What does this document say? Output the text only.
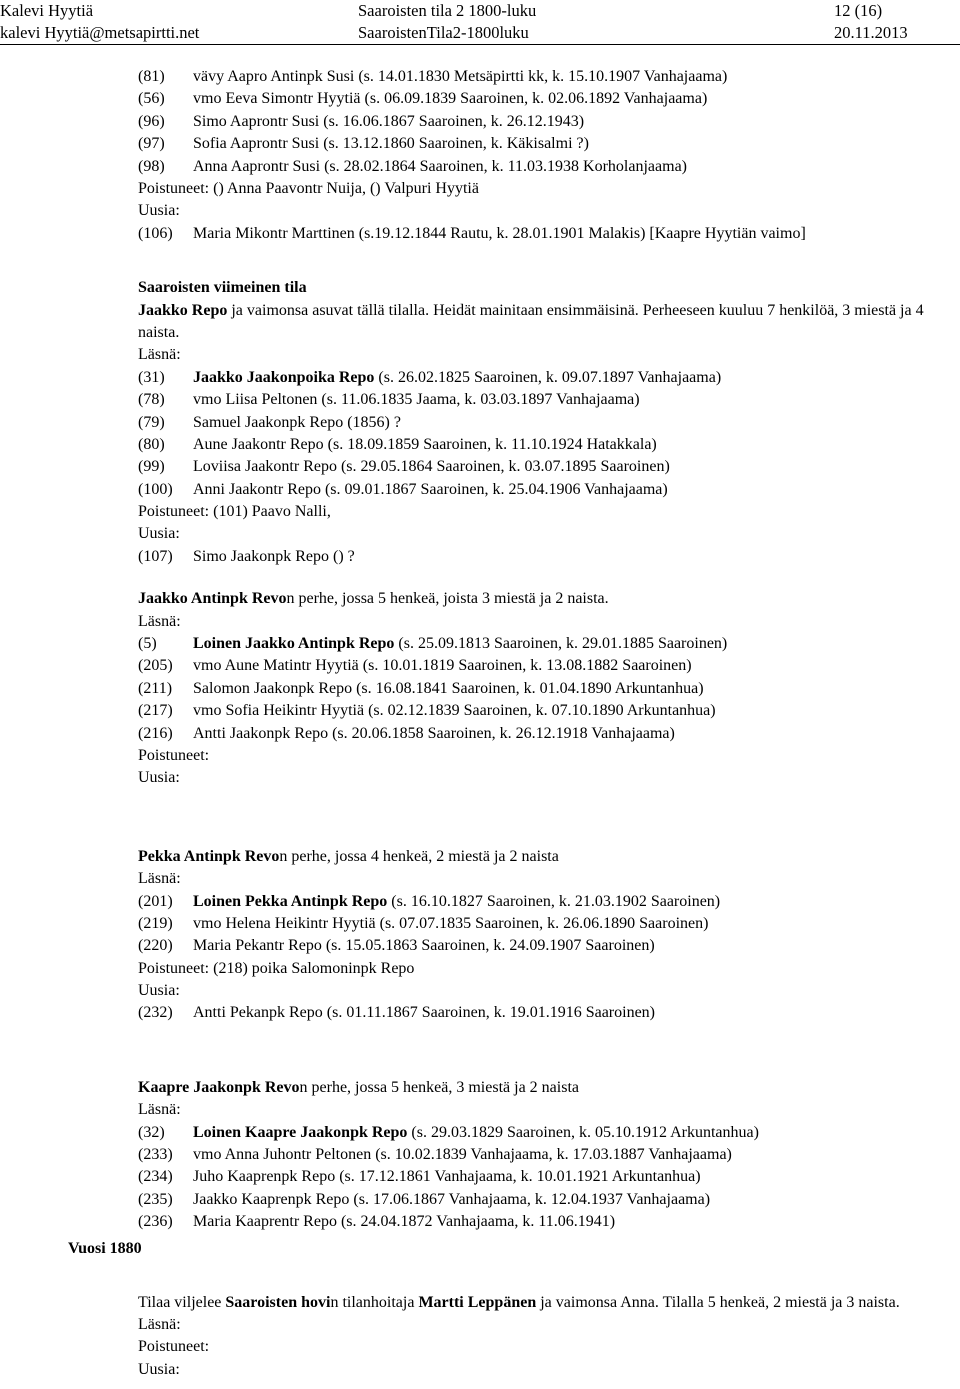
Kalevi Hyytiä
kalevi Hyytiä@metsapirtti.net
Saaroisten tila 2 1800-luku
SaaroistenTila2-1800luku
12 (16)
20.11.2013
(81) vävy Aapro Antinpk Susi (s. 14.01.1830 Metsäpirtti kk, k. 15.10.1907 Vanhajaama)
(56) vmo Eeva Simontr Hyytiä (s. 06.09.1839 Saaroinen, k. 02.06.1892 Vanhajaama)
(96) Simo Aaprontr Susi (s. 16.06.1867 Saaroinen, k. 26.12.1943)
(97) Sofia Aaprontr Susi (s. 13.12.1860 Saaroinen, k. Käkisalmi ?)
(98) Anna Aaprontr Susi (s. 28.02.1864 Saaroinen, k. 11.03.1938 Korholanjaama)
Poistuneet: () Anna Paavontr Nuija, () Valpuri Hyytiä
Uusia:
(106) Maria Mikontr Marttinen (s.19.12.1844 Rautu, k. 28.01.1901 Malakis) [Kaapre Hyytiän vaimo]
Saaroisten viimeinen tila
Jaakko Repo ja vaimonsa asuvat tällä tilalla. Heidät mainitaan ensimmäisinä. Perheeseen kuuluu 7 henkilöä, 3 miestä ja 4 naista.
Läsnä:
(31) Jaakko Jaakonpoika Repo (s. 26.02.1825 Saaroinen, k. 09.07.1897 Vanhajaama)
(78) vmo Liisa Peltonen (s. 11.06.1835 Jaama, k. 03.03.1897 Vanhajaama)
(79) Samuel Jaakonpk Repo (1856) ?
(80) Aune Jaakontr Repo (s. 18.09.1859 Saaroinen, k. 11.10.1924 Hatakkala)
(99) Loviisa Jaakontr Repo (s. 29.05.1864 Saaroinen, k. 03.07.1895 Saaroinen)
(100) Anni Jaakontr Repo (s. 09.01.1867 Saaroinen, k. 25.04.1906 Vanhajaama)
Poistuneet: (101) Paavo Nalli,
Uusia:
(107) Simo Jaakonpk Repo () ?
Jaakko Antinpk Revon perhe, jossa 5 henkeä, joista 3 miestä ja 2 naista.
Läsnä:
(5) Loinen Jaakko Antinpk Repo (s. 25.09.1813 Saaroinen, k. 29.01.1885 Saaroinen)
(205) vmo Aune Matintr Hyytiä (s. 10.01.1819 Saaroinen, k. 13.08.1882 Saaroinen)
(211) Salomon Jaakonpk Repo (s. 16.08.1841 Saaroinen, k. 01.04.1890 Arkuntanhua)
(217) vmo Sofia Heikintr Hyytiä (s. 02.12.1839 Saaroinen, k. 07.10.1890 Arkuntanhua)
(216) Antti Jaakonpk Repo (s. 20.06.1858 Saaroinen, k. 26.12.1918 Vanhajaama)
Poistuneet:
Uusia:
Pekka Antinpk Revon perhe, jossa 4 henkeä, 2 miestä ja 2 naista
Läsnä:
(201) Loinen Pekka Antinpk Repo (s. 16.10.1827 Saaroinen, k. 21.03.1902 Saaroinen)
(219) vmo Helena Heikintr Hyytiä (s. 07.07.1835 Saaroinen, k. 26.06.1890 Saaroinen)
(220) Maria Pekantr Repo (s. 15.05.1863 Saaroinen, k. 24.09.1907 Saaroinen)
Poistuneet: (218) poika Salomoninpk Repo
Uusia:
(232) Antti Pekanpk Repo (s. 01.11.1867 Saaroinen, k. 19.01.1916 Saaroinen)
Kaapre Jaakonpk Revon perhe, jossa 5 henkeä, 3 miestä ja 2 naista
Läsnä:
(32) Loinen Kaapre Jaakonpk Repo (s. 29.03.1829 Saaroinen, k. 05.10.1912 Arkuntanhua)
(233) vmo Anna Juhontr Peltonen (s. 10.02.1839 Vanhajaama, k. 17.03.1887 Vanhajaama)
(234) Juho Kaaprenpk Repo (s. 17.12.1861 Vanhajaama, k. 10.01.1921 Arkuntanhua)
(235) Jaakko Kaaprenpk Repo (s. 17.06.1867 Vanhajaama, k. 12.04.1937 Vanhajaama)
(236) Maria Kaaprentr Repo (s. 24.04.1872 Vanhajaama, k. 11.06.1941)
Tilaa viljelee Saaroisten hovin tilanhoitaja Martti Leppänen ja vaimonsa Anna. Tilalla 5 henkeä, 2 miestä ja 3 naista.
Läsnä:
Poistuneet:
Uusia:
Vuosi 1880
